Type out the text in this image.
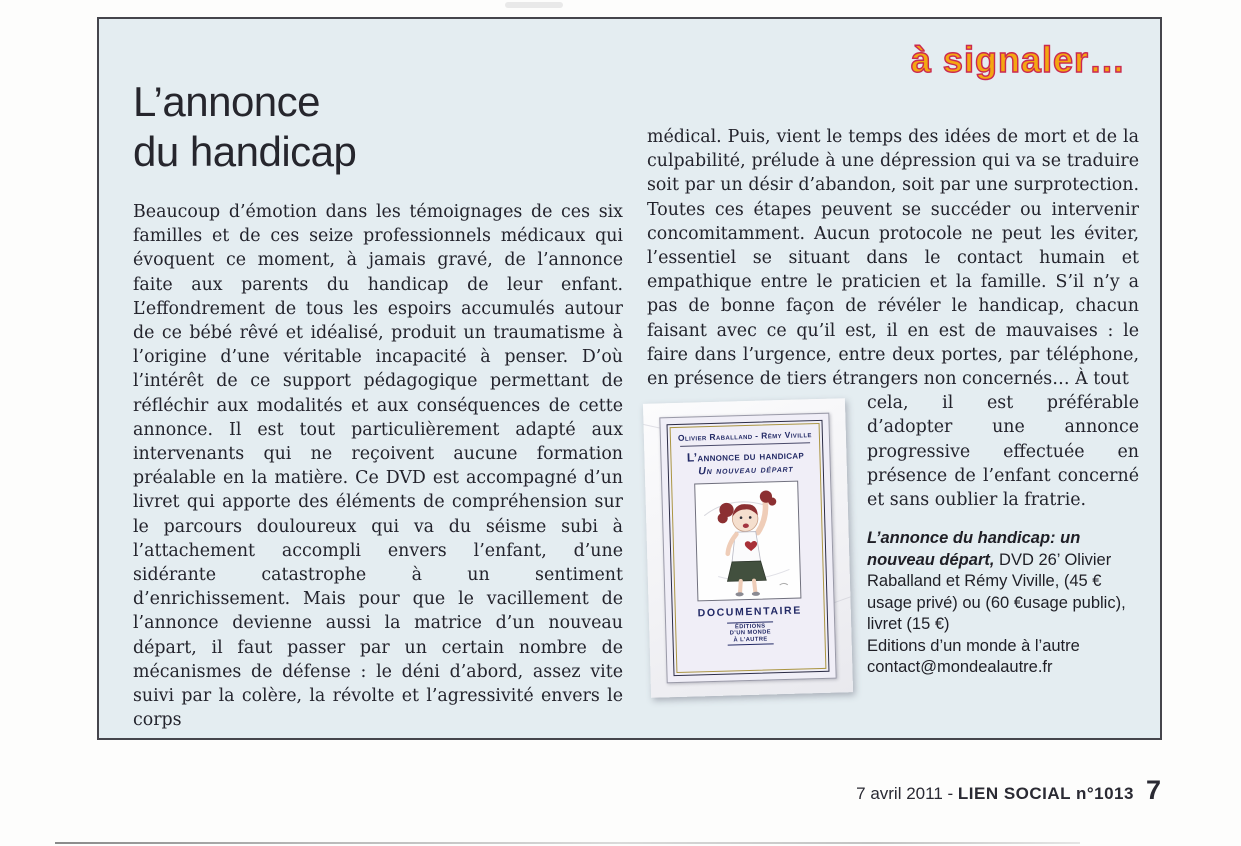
à signaler…
L’annonce
du handicap
Beaucoup d’émotion dans les témoignages de ces six familles et de ces seize professionnels médicaux qui évoquent ce moment, à jamais gravé, de l’annonce faite aux parents du handicap de leur enfant. L’effondrement de tous les espoirs accumulés autour de ce bébé rêvé et idéalisé, produit un traumatisme à l’origine d’une véritable incapacité à penser. D’où l’intérêt de ce support pédagogique permettant de réfléchir aux modalités et aux conséquences de cette annonce. Il est tout particulièrement adapté aux intervenants qui ne reçoivent aucune formation préalable en la matière. Ce DVD est accompagné d’un livret qui apporte des éléments de compréhension sur le parcours douloureux qui va du séisme subi à l’attachement accompli envers l’enfant, d’une sidérante catastrophe à un sentiment d’enrichissement. Mais pour que le vacillement de l’annonce devienne aussi la matrice d’un nouveau départ, il faut passer par un certain nombre de mécanismes de défense : le déni d’abord, assez vite suivi par la colère, la révolte et l’agressivité envers le corps

médical. Puis, vient le temps des idées de mort et de la culpabilité, prélude à une dépression qui va se traduire soit par un désir d’abandon, soit par une surprotection. Toutes ces étapes peuvent se succéder ou intervenir concomitamment. Aucun protocole ne peut les éviter, l’essentiel se situant dans le contact humain et empathique entre le praticien et la famille. S’il n’y a pas de bonne façon de révéler le handicap, chacun faisant avec ce qu’il est, il en est de mauvaises : le faire dans l’urgence, entre deux portes, par téléphone, en présence de tiers étrangers non concernés… À tout

Olivier Raballand - Rémy Viville
L’annonce du handicap
Un nouveau départ
DOCUMENTAIRE
ÉDITIONS
D’UN MONDE
À L’AUTRE

cela, il est préférable d’adopter une annonce progressive effectuée en présence de l’enfant concerné et sans oublier la fratrie.

L’annonce du handicap: un nouveau départ, DVD 26’ Olivier Raballand et Rémy Viville, (45 € usage privé) ou (60 €usage public), livret (15 €)
Editions d’un monde à l’autre
contact@mondealautre.fr
7 avril 2011 - LIEN SOCIAL n°1013 7
